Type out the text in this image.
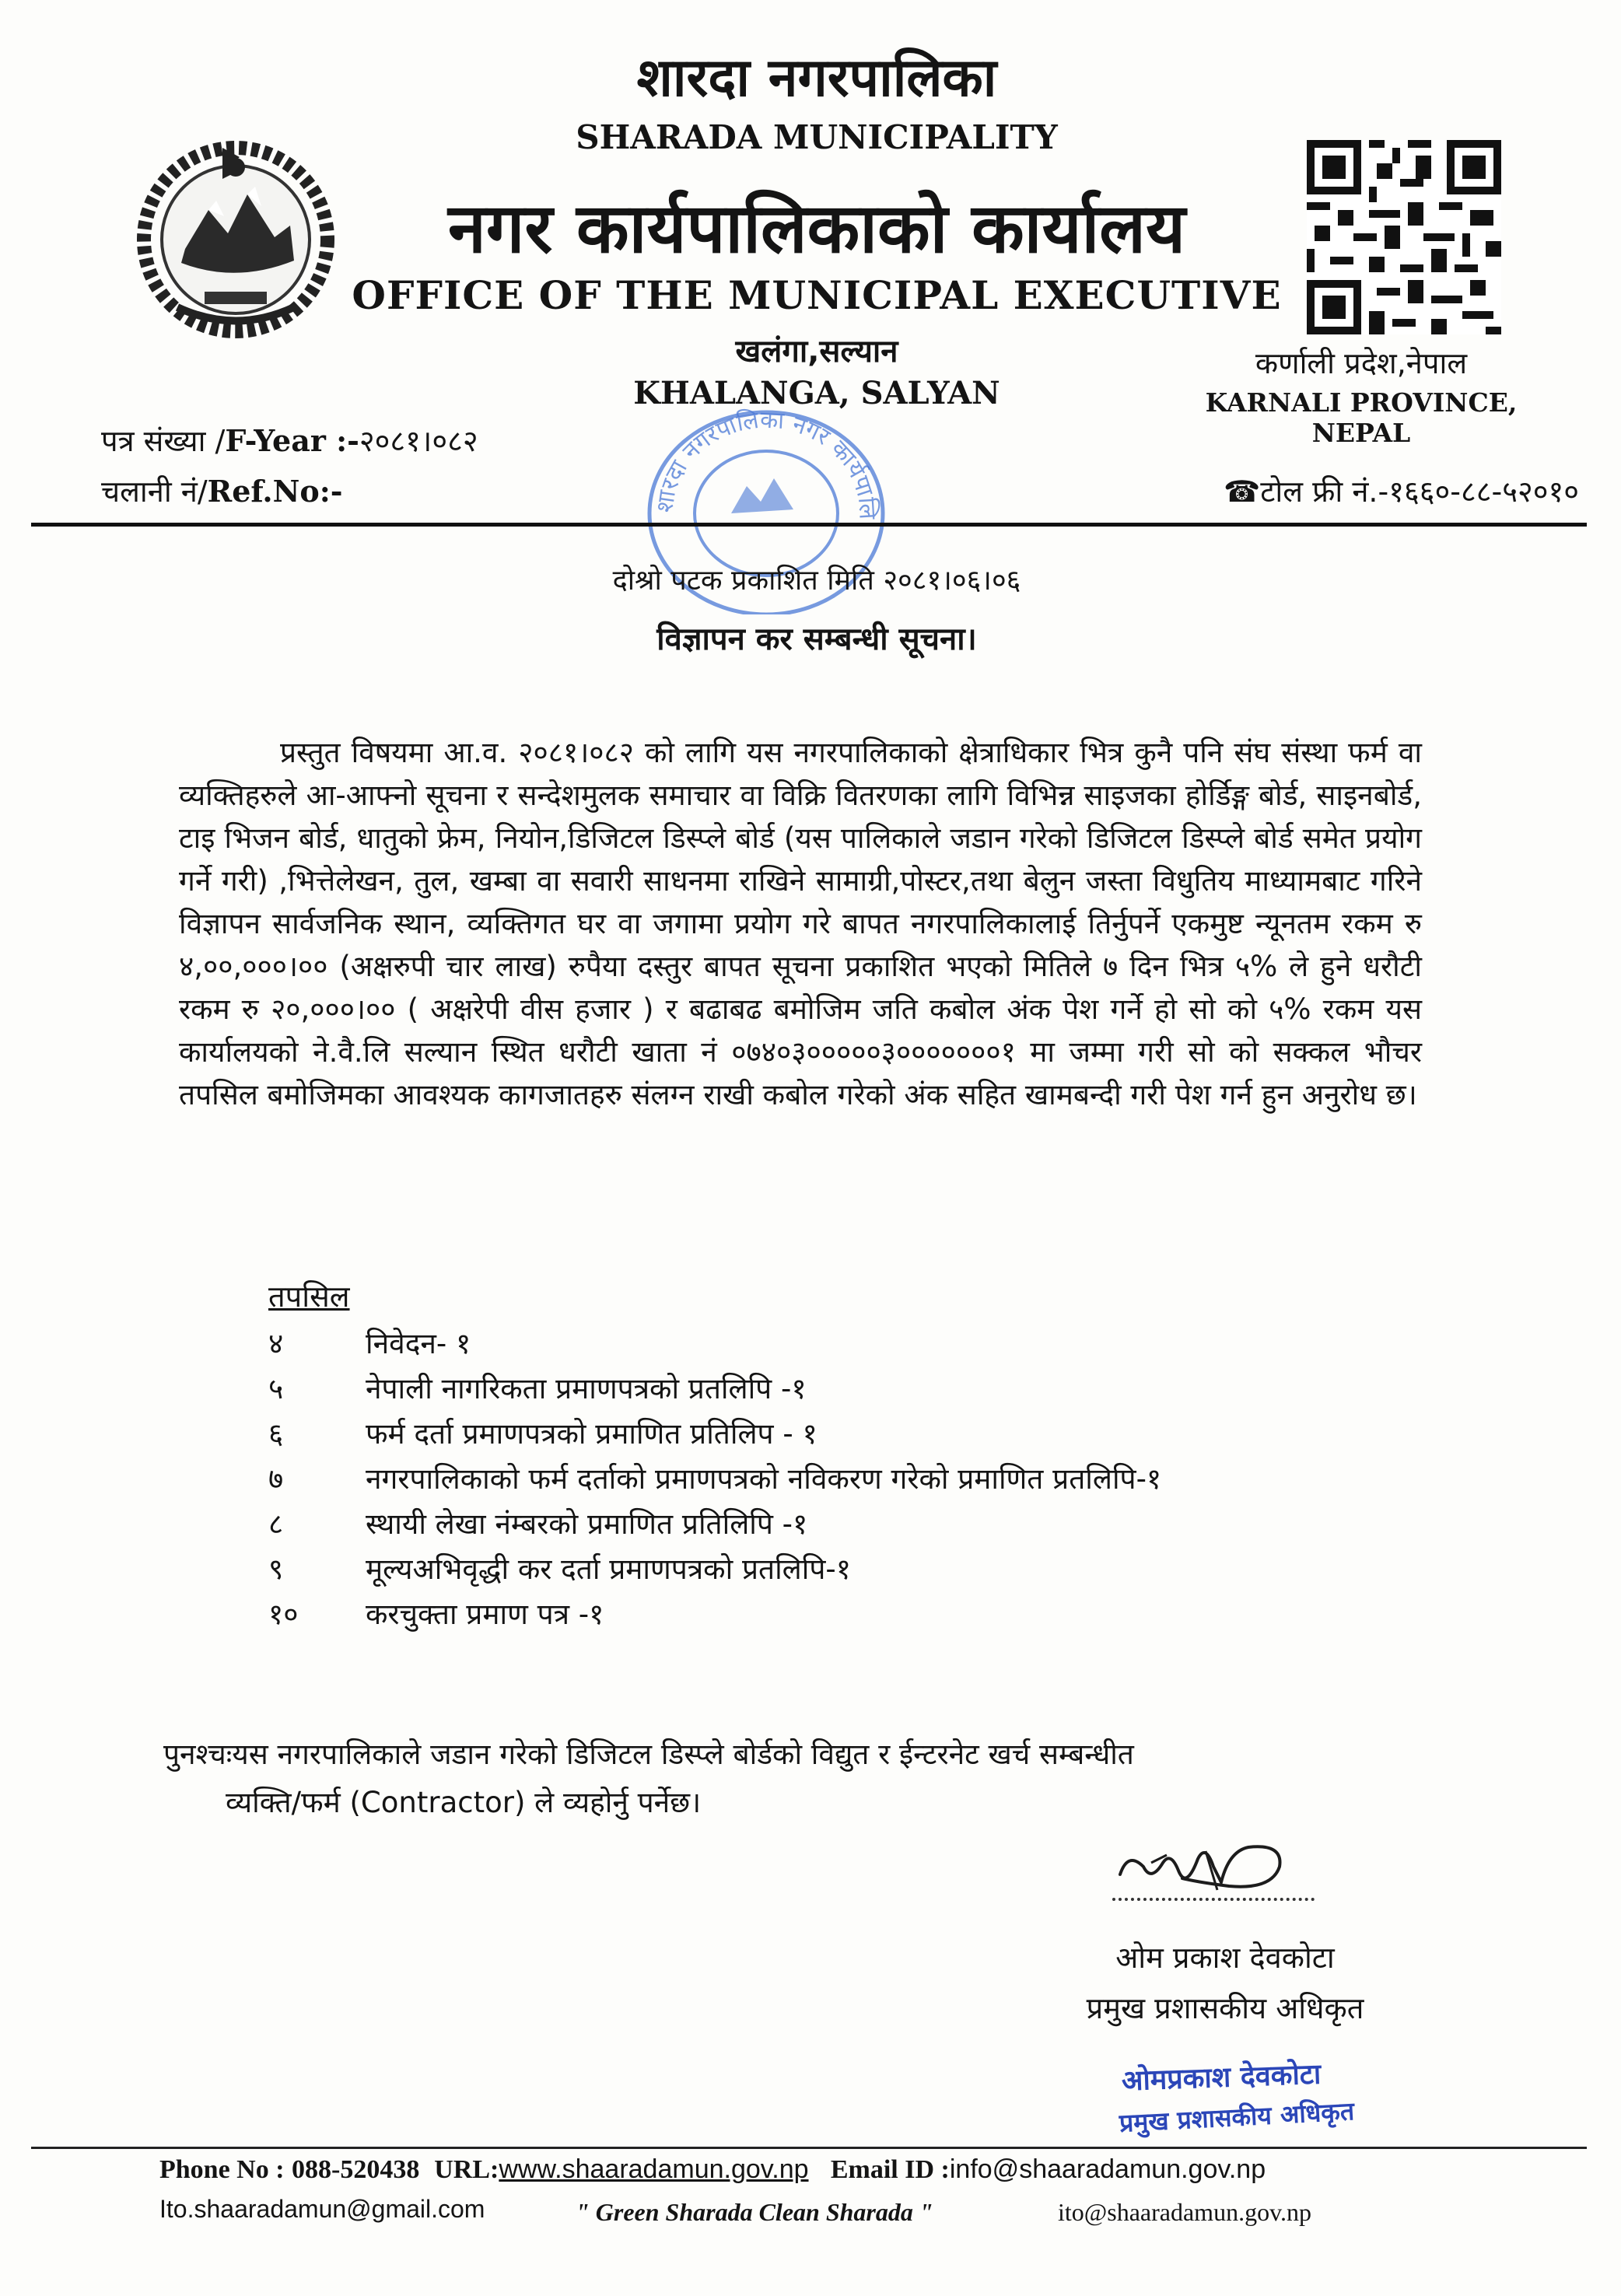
शारदा नगरपालिका
SHARADA MUNICIPALITY
नगर कार्यपालिकाको कार्यालय
OFFICE OF THE MUNICIPAL EXECUTIVE
खलंगा,सल्यान
KHALANGA, SALYAN
कर्णाली प्रदेश,नेपाल
KARNALI PROVINCE, NEPAL
पत्र संख्या /F-Year :-२०८१।०८२
चलानी नं/Ref.No:-	☎टोल फ्री नं.-१६६०-८८-५२०१०
शारदा नगरपालिका नगर कार्यपालि
दोश्रो पटक प्रकाशित मिति २०८१।०६।०६
विज्ञापन कर सम्बन्धी सूचना।
प्रस्तुत विषयमा आ.व. २०८१।०८२ को लागि यस नगरपालिकाको क्षेत्राधिकार भित्र कुनै पनि संघ संस्था फर्म वा व्यक्तिहरुले आ-आफ्नो सूचना र सन्देशमुलक समाचार वा विक्रि वितरणका लागि विभिन्न साइजका होर्डिङ्ग बोर्ड, साइनबोर्ड, टाइ भिजन बोर्ड, धातुको फ्रेम, नियोन,डिजिटल डिस्प्ले बोर्ड (यस पालिकाले जडान गरेको डिजिटल डिस्प्ले बोर्ड समेत प्रयोग गर्ने गरी) ,भित्तेलेखन, तुल, खम्बा वा सवारी साधनमा राखिने सामाग्री,पोस्टर,तथा बेलुन जस्ता विधुतिय माध्यामबाट गरिने विज्ञापन सार्वजनिक स्थान, व्यक्तिगत घर वा जगामा प्रयोग गरे बापत नगरपालिकालाई तिर्नुपर्ने एकमुष्ट न्यूनतम रकम रु ४,००,०००।०० (अक्षरुपी चार लाख) रुपैया दस्तुर बापत सूचना प्रकाशित भएको मितिले ७ दिन भित्र ५% ले हुने धरौटी रकम रु २०,०००।०० ( अक्षरेपी वीस हजार ) र बढाबढ बमोजिम जति कबोल अंक पेश गर्ने हो सो को ५% रकम यस कार्यालयको ने.वै.लि सल्यान स्थित धरौटी खाता नं ०७४०३०००००३०००००००१ मा जम्मा गरी सो को सक्कल भौचर तपसिल बमोजिमका आवश्यक कागजातहरु संलग्न राखी कबोल गरेको अंक सहित खामबन्दी गरी पेश गर्न हुन अनुरोध छ।
तपसिल
४	निवेदन- १
५	नेपाली नागरिकता प्रमाणपत्रको प्रतलिपि -१
६	फर्म दर्ता प्रमाणपत्रको प्रमाणित प्रतिलिप - १
७	नगरपालिकाको फर्म दर्ताको प्रमाणपत्रको नविकरण गरेको प्रमाणित प्रतलिपि-१
८	स्थायी लेखा नंम्बरको प्रमाणित प्रतिलिपि -१
९	मूल्यअभिवृद्धी कर दर्ता प्रमाणपत्रको प्रतलिपि-१
१०	करचुक्ता प्रमाण पत्र -१
पुनश्चःयस नगरपालिकाले जडान गरेको डिजिटल डिस्प्ले बोर्डको विद्युत र ईन्टरनेट खर्च सम्बन्धीत
व्यक्ति/फर्म (Contractor) ले व्यहोर्नु पर्नेछ।
ओम प्रकाश देवकोटा
प्रमुख प्रशासकीय अधिकृत
ओमप्रकाश देवकोटा
प्रमुख प्रशासकीय अधिकृत
Phone No : 088-520438 URL:www.shaaradamun.gov.np Email ID :info@shaaradamun.gov.np
Ito.shaaradamun@gmail.com	" Green Sharada Clean Sharada "	ito@shaaradamun.gov.np
